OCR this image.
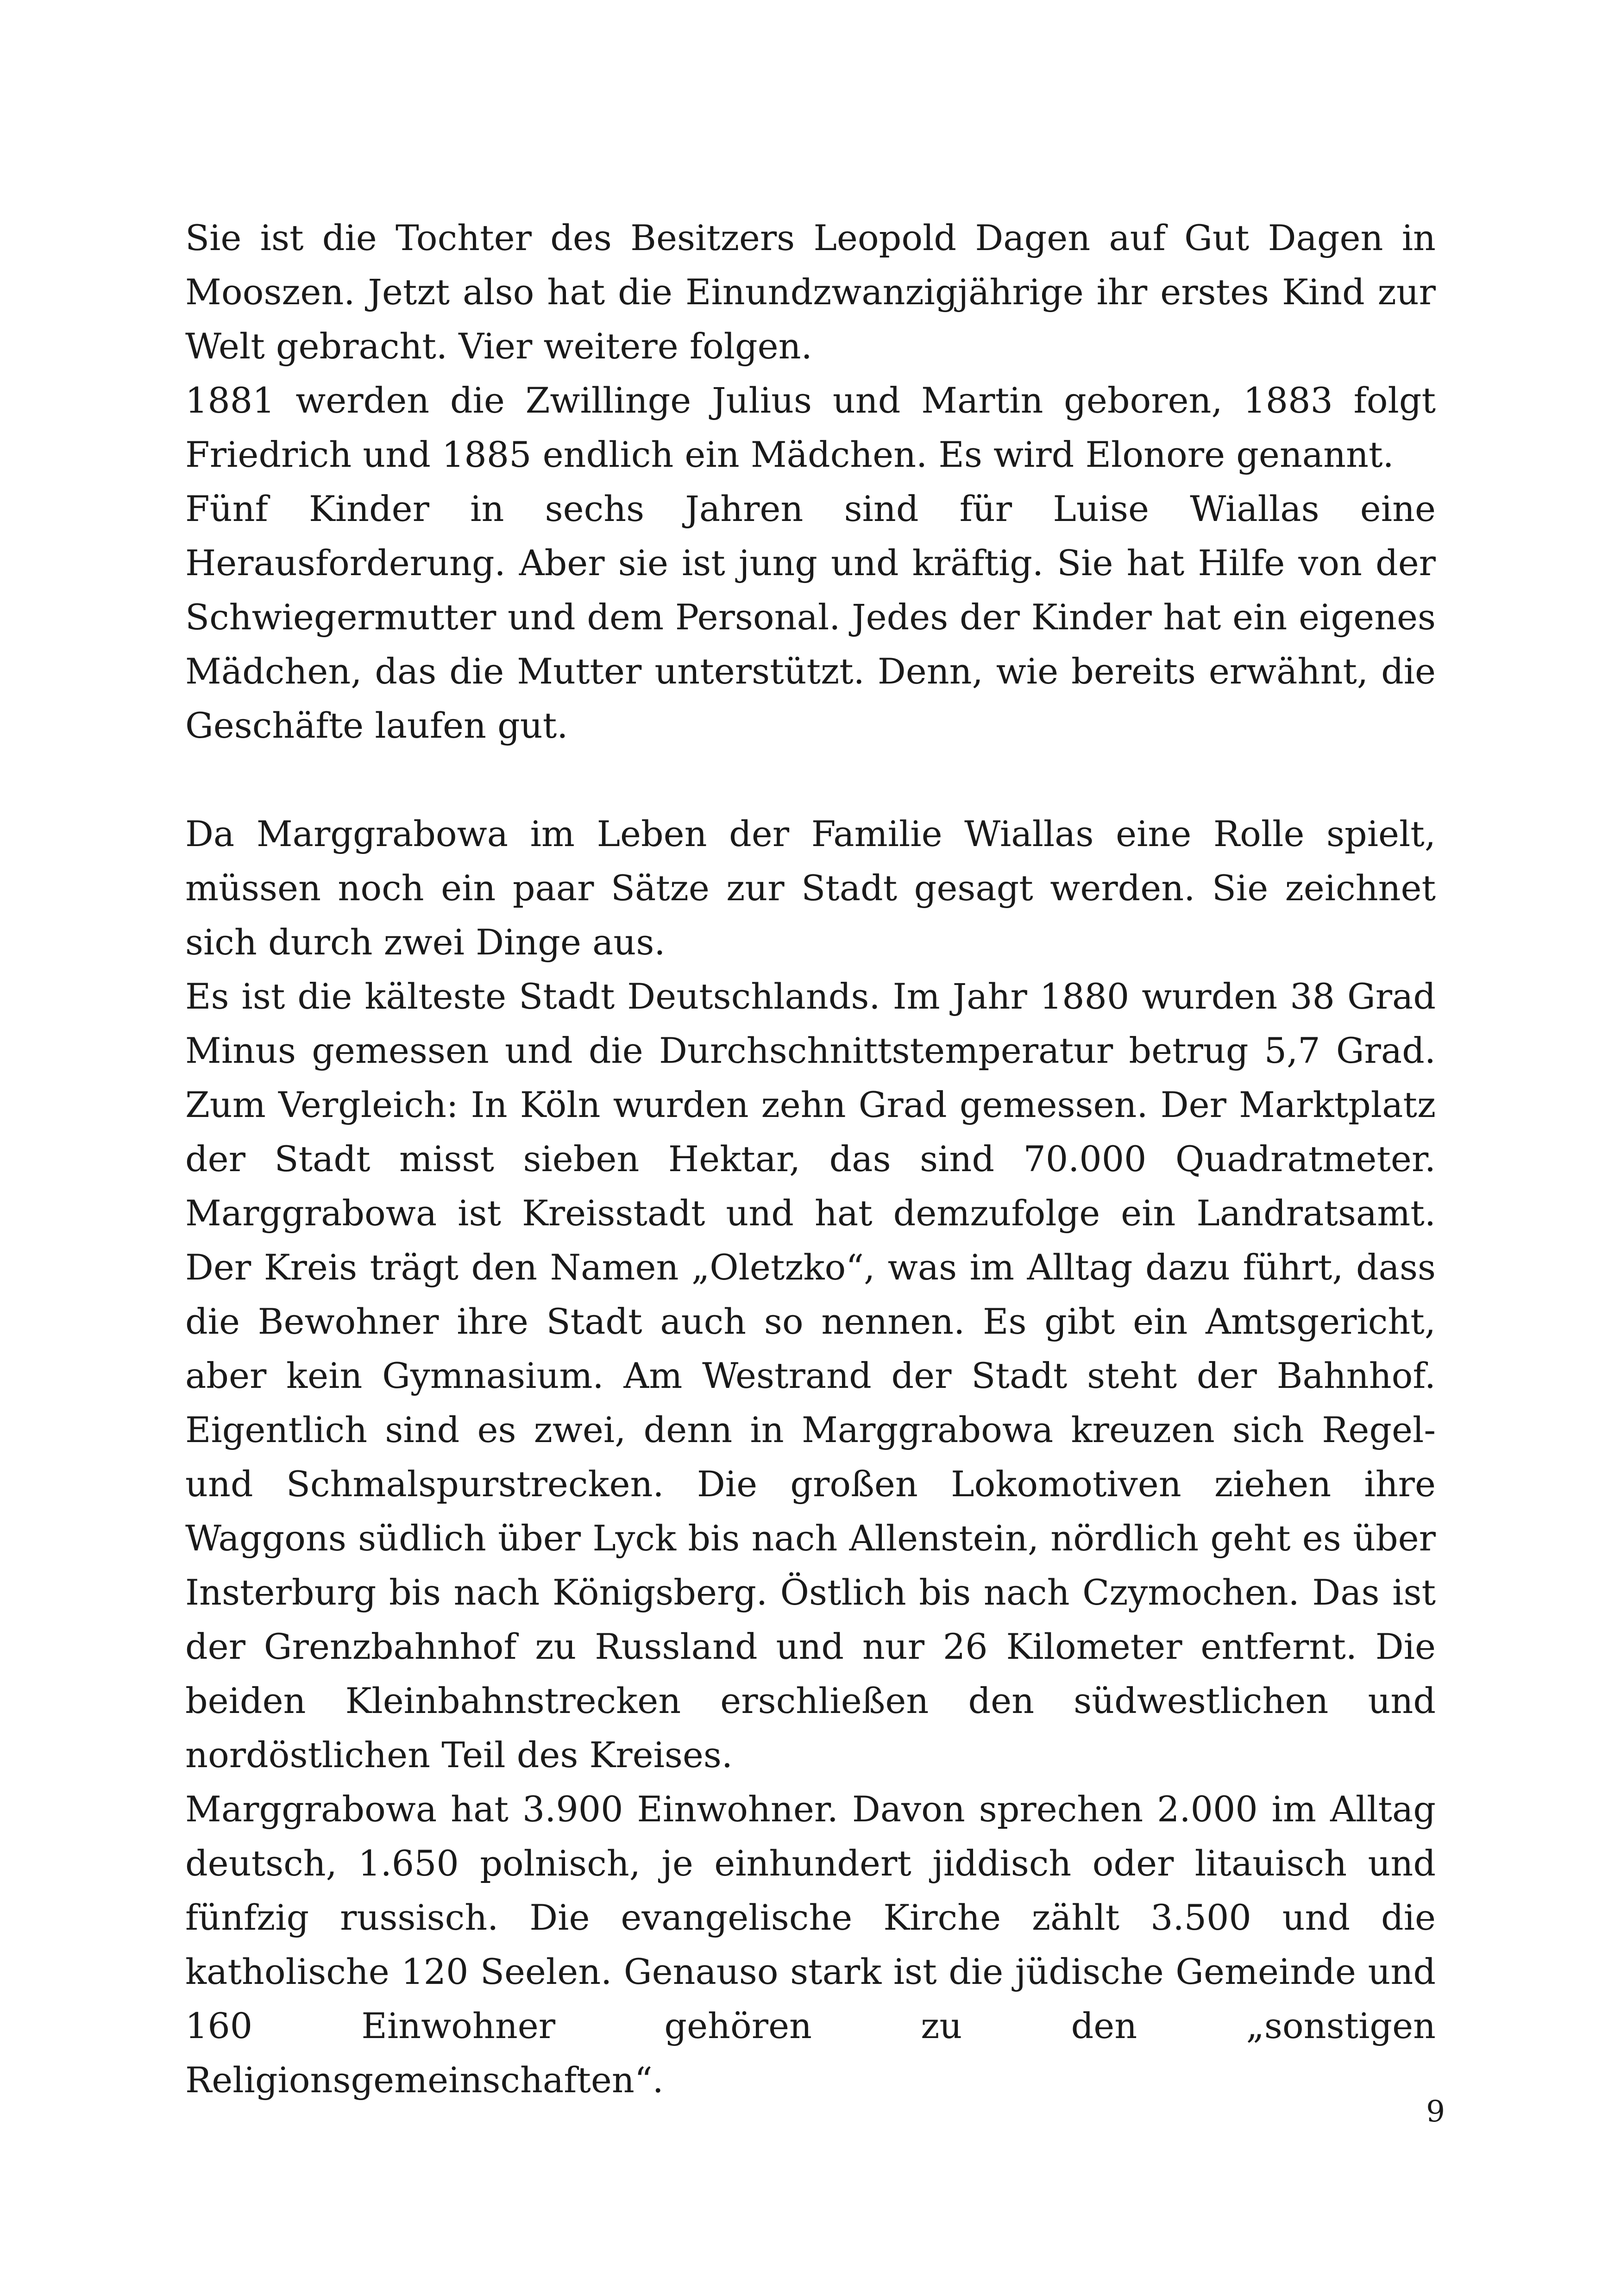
Sie ist die Tochter des Besitzers Leopold Dagen auf Gut Dagen in Mooszen. Jetzt also hat die Einundzwanzigjährige ihr erstes Kind zur Welt gebracht. Vier weitere folgen.

1881 werden die Zwillinge Julius und Martin geboren, 1883 folgt Friedrich und 1885 endlich ein Mädchen. Es wird Elonore genannt.

Fünf Kinder in sechs Jahren sind für Luise Wiallas eine Herausforderung. Aber sie ist jung und kräftig. Sie hat Hilfe von der Schwiegermutter und dem Personal. Jedes der Kinder hat ein eigenes Mädchen, das die Mutter unterstützt. Denn, wie bereits erwähnt, die Geschäfte laufen gut.

Da Marggrabowa im Leben der Familie Wiallas eine Rolle spielt, müssen noch ein paar Sätze zur Stadt gesagt werden. Sie zeichnet sich durch zwei Dinge aus.

Es ist die kälteste Stadt Deutschlands. Im Jahr 1880 wurden 38 Grad Minus gemessen und die Durchschnittstemperatur betrug 5,7 Grad. Zum Vergleich: In Köln wurden zehn Grad gemessen. Der Marktplatz der Stadt misst sieben Hektar, das sind 70.000 Quadratmeter. Marggrabowa ist Kreisstadt und hat demzufolge ein Landratsamt. Der Kreis trägt den Namen „Oletzko“, was im Alltag dazu führt, dass die Bewohner ihre Stadt auch so nennen. Es gibt ein Amtsgericht, aber kein Gymnasium. Am Westrand der Stadt steht der Bahnhof. Eigentlich sind es zwei, denn in Marggrabowa kreuzen sich Regel- und Schmalspurstrecken. Die großen Lokomotiven ziehen ihre Waggons südlich über Lyck bis nach Allenstein, nördlich geht es über Insterburg bis nach Königsberg. Östlich bis nach Czymochen. Das ist der Grenzbahnhof zu Russland und nur 26 Kilometer entfernt. Die beiden Kleinbahnstrecken erschließen den südwestlichen und nordöstlichen Teil des Kreises.

Marggrabowa hat 3.900 Einwohner. Davon sprechen 2.000 im Alltag deutsch, 1.650 polnisch, je einhundert jiddisch oder litauisch und fünfzig russisch. Die evangelische Kirche zählt 3.500 und die katholische 120 Seelen. Genauso stark ist die jüdische Gemeinde und 160 Einwohner gehören zu den „sonstigen Religionsgemeinschaften“.

9
